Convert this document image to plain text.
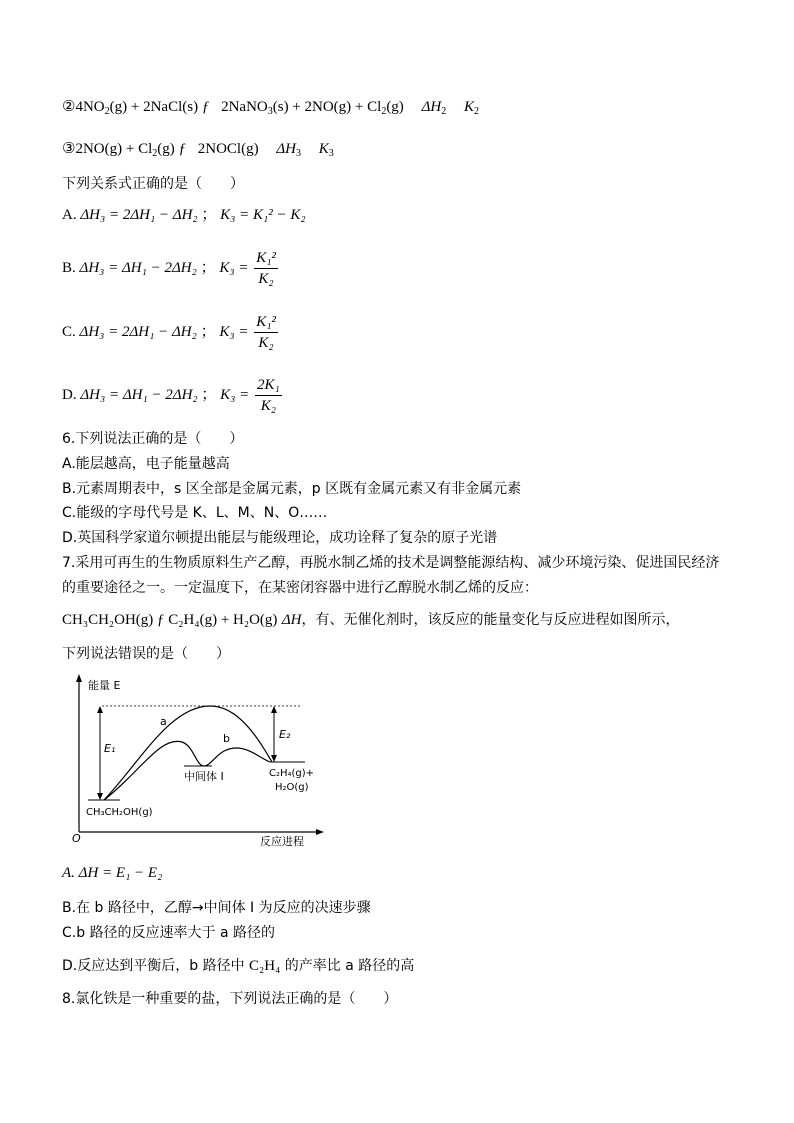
$②4NO_2(g)$ + 2NaCl(s) ƒ 2NaNO$_3$(s) + $2NO(g) + Cl_2(g)$ $\Delta H_2$ $K_2$
③2NO(g) + $Cl_2(g)$ ƒ 2NOCl(g) $\Delta H_3$ $K_3$
下列关系式正确的是（　　）
A. ΔH₃ = 2ΔH₁ − ΔH₂ ； K₃ = K₁² − K₂
B. ΔH₃ = ΔH₁ − 2ΔH₂ ； $K_3 = \frac{\text{K₁²}}{\text{K₂}}$
C. ΔH₃ = 2ΔH₁ − ΔH₂ ； $K_3 = \frac{\text{K₁²}}{\text{K₂}}$
D. ΔH₃ = ΔH₁ − 2ΔH₂ ； $K_3 = \frac{\text{2K₁}}{\text{K₂}}$
6.下列说法正确的是（　　）
A.能层越高，电子能量越高
B.元素周期表中，s 区全部是金属元素，p 区既有金属元素又有非金属元素
C.能级的字母代号是 K、L、M、N、O……
D.英国科学家道尔顿提出能层与能级理论，成功诠释了复杂的原子光谱
7.采用可再生的生物质原料生产乙醇，再脱水制乙烯的技术是调整能源结构、减少环境污染、促进国民经济
的重要途径之一。一定温度下，在某密闭容器中进行乙醇脱水制乙烯的反应：
CH₃CH₂OH(g) ƒ C₂H₄(g) + H₂O(g) ΔH，有、无催化剂时，该反应的能量变化与反应进程如图所示，
下列说法错误的是（　　）
能量 E
反应进程
O
a
b
E₁
E₂
中间体 Ⅰ
CH₃CH₂OH(g)
C₂H₄(g)+
H₂O(g)
A. ΔH = E₁ − E₂
B.在 b 路径中，乙醇→中间体 I 为反应的决速步骤
C.b 路径的反应速率大于 a 路径的
D.反应达到平衡后，b 路径中 C₂H₄ 的产率比 a 路径的高
8.氯化铁是一种重要的盐，下列说法正确的是（　　）
